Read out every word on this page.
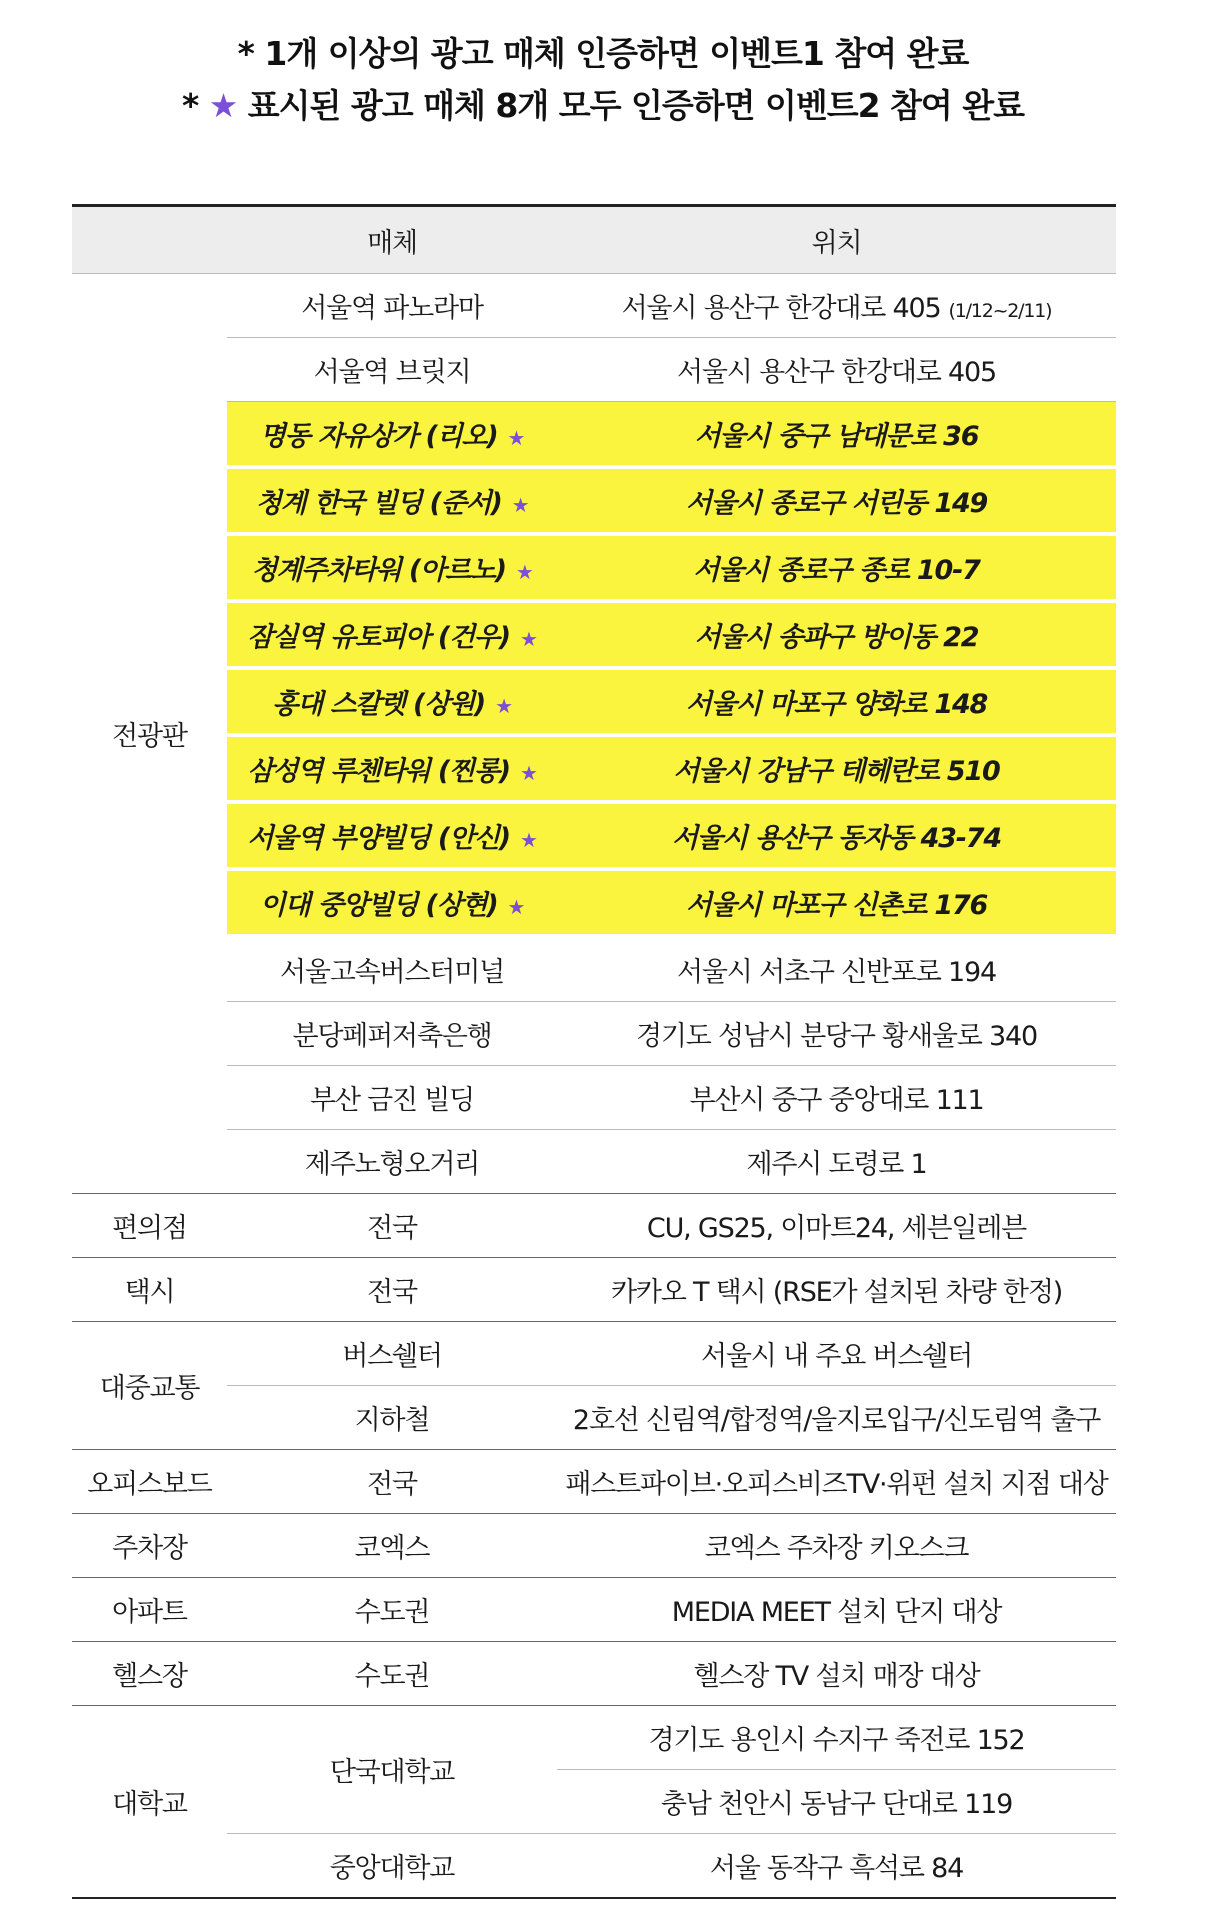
* 1개 이상의 광고 매체 인증하면 이벤트1 참여 완료
* ★ 표시된 광고 매체 8개 모두 인증하면 이벤트2 참여 완료
	매체	위치
전광판	서울역 파노라마	서울시 용산구 한강대로 405 (1/12~2/11)
	서울역 브릿지	서울시 용산구 한강대로 405
	명동 자유상가 (리오) ★	서울시 중구 남대문로 36
	청계 한국 빌딩 (준서) ★	서울시 종로구 서린동 149
	청계주차타워 (아르노) ★	서울시 종로구 종로 10-7
	잠실역 유토피아 (건우) ★	서울시 송파구 방이동 22
	홍대 스칼렛 (상원) ★	서울시 마포구 양화로 148
	삼성역 루첸타워 (찐롱) ★	서울시 강남구 테헤란로 510
	서울역 부양빌딩 (안신) ★	서울시 용산구 동자동 43-74
	이대 중앙빌딩 (상현) ★	서울시 마포구 신촌로 176
	서울고속버스터미널	서울시 서초구 신반포로 194
	분당페퍼저축은행	경기도 성남시 분당구 황새울로 340
	부산 금진 빌딩	부산시 중구 중앙대로 111
	제주노형오거리	제주시 도령로 1
편의점	전국	CU, GS25, 이마트24, 세븐일레븐
택시	전국	카카오 T 택시 (RSE가 설치된 차량 한정)
대중교통	버스쉘터	서울시 내 주요 버스쉘터
	지하철	2호선 신림역/합정역/을지로입구/신도림역 출구
오피스보드	전국	패스트파이브·오피스비즈TV·위펀 설치 지점 대상
주차장	코엑스	코엑스 주차장 키오스크
아파트	수도권	MEDIA MEET 설치 단지 대상
헬스장	수도권	헬스장 TV 설치 매장 대상
대학교	단국대학교	경기도 용인시 수지구 죽전로 152
		충남 천안시 동남구 단대로 119
	중앙대학교	서울 동작구 흑석로 84
